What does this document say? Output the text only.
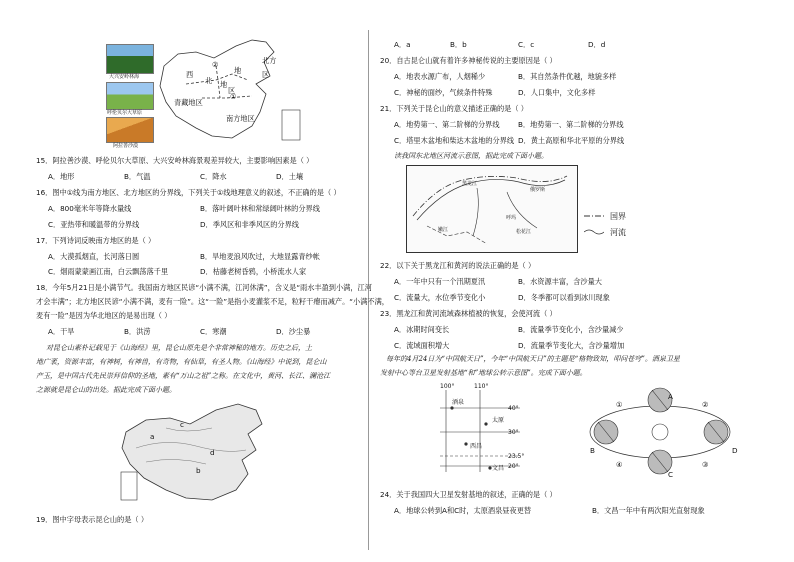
大兴安岭林海
呼伦贝尔大草原
阿拉善沙漠
西
北 地
区
青藏地区
北方
地	区
南方地区
①
②
15．阿拉善沙漠、呼伦贝尔大草原、大兴安岭林海景观差异较大，主要影响因素是（ ）
A．地形	B．气温	C．降水	D．土壤
16．图中①线为南方地区、北方地区的分界线，下列关于①线地理意义的叙述，不正确的是（ ）
A．800毫米年等降水量线	B．落叶阔叶林和常绿阔叶林的分界线
C．亚热带和暖温带的分界线	D．季风区和非季风区的分界线
17．下列诗词反映南方地区的是（ ）
A．大漠孤烟直，长河落日圆	B．旱地麦浪风吹过，大地显露青纱帐
C．烟雨蒙蒙画江南，白云飘荡落千里	D．枯藤老树昏鸦，小桥流水人家
18．今年5月21日是小满节气。我国南方地区民谚“小满不满，江河休满”，含义是“雨水丰盈到小满，江河
才会丰满”；北方地区民谚“小满不满，麦有一险”。这“一险”是指小麦灌浆不足，粒籽干瘪而减产。“小满不满，
麦有一险”是因为华北地区的是易出现（ ）
A．干旱	B．洪涝	C．寒潮	D．沙尘暴
对昆仑山素朴记载见于《山海经》里，昆仑山原先是个非常神秘的地方。历史之后，土
地广袤，资源丰富，有神树，有神兽，有奇物，有仙草，有圣人物。《山海经》中说到，昆仑山
产玉，是中国古代先民崇拜信仰的圣地，素有“万山之祖”之称。在文化中，黄河、长江、澜沧江
之源就是昆仑山的出处。据此完成下面小题。
a
b
c
d
19．图中字母表示昆仑山的是（ ）
A．a	B．b	C．c	D．d
20．自古昆仑山就有着许多神秘传说的主要原因是（ ）
A．地表水源广布，人烟稀少	B．其自然条件优越，地貌多样
C．神秘的面纱，气候条件特殊	D．人口集中，文化多样
21．下列关于昆仑山的意义描述正确的是（ ）
A．地势第一、第二阶梯的分界线	B．地势第一、第二阶梯的分界线
C．塔里木盆地和柴达木盆地的分界线 D．黄土高原和华北平原的分界线
读我国东北地区河流示意图，据此完成下面小题。
黑龙江
俄罗斯
松花江
呼玛
嫩江
国界
河流
22．以下关于黑龙江和黄河的说法正确的是（ ）
A．一年中只有一个汛期夏汛	B．水资源丰富，含沙量大
C．流量大，水位季节变化小	D．冬季都可以看到冰川现象
23．黑龙江和黄河流域森林植被的恢复，会使河流（ ）
A．冰期时间变长	B．流量季节变化小，含沙量减少
C．流域面积增大	D．流量季节变化大，含沙量增加
每年的4月24日为“中国航天日”，今年“中国航天日”的主题是“格物致知，叩问苍穹”。酒泉卫星
发射中心等台卫星发射基地“和”地球公转示意图”。完成下面小题。
100°	110°
40°
30°
23.5°
20°
酒泉
太原
西昌
文昌
A
B
C
D
①	②
③
④
24．关于我国四大卫星发射基地的叙述，正确的是（ ）
A．地球公转到A和C时，太原酒泉昼夜更替	B．文昌一年中有两次阳光直射现象
